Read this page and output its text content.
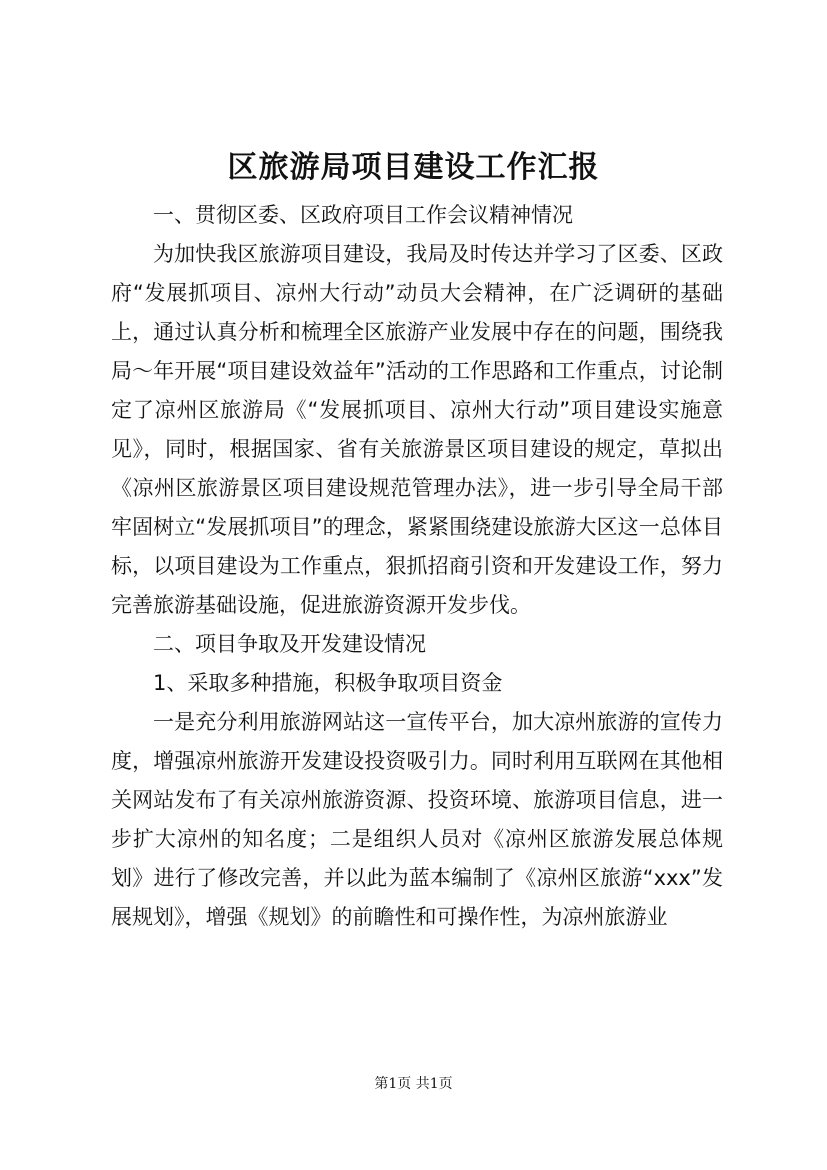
区旅游局项目建设工作汇报

一、贯彻区委、区政府项目工作会议精神情况

为加快我区旅游项目建设，我局及时传达并学习了区委、区政府“发展抓项目、凉州大行动”动员大会精神，在广泛调研的基础上，通过认真分析和梳理全区旅游产业发展中存在的问题，围绕我局～年开展“项目建设效益年”活动的工作思路和工作重点，讨论制定了凉州区旅游局《“发展抓项目、凉州大行动”项目建设实施意见》，同时，根据国家、省有关旅游景区项目建设的规定，草拟出《凉州区旅游景区项目建设规范管理办法》，进一步引导全局干部牢固树立“发展抓项目”的理念，紧紧围绕建设旅游大区这一总体目标，以项目建设为工作重点，狠抓招商引资和开发建设工作，努力完善旅游基础设施，促进旅游资源开发步伐。

二、项目争取及开发建设情况

1、采取多种措施，积极争取项目资金

一是充分利用旅游网站这一宣传平台，加大凉州旅游的宣传力度，增强凉州旅游开发建设投资吸引力。同时利用互联网在其他相关网站发布了有关凉州旅游资源、投资环境、旅游项目信息，进一步扩大凉州的知名度；二是组织人员对《凉州区旅游发展总体规划》进行了修改完善，并以此为蓝本编制了《凉州区旅游“xxx”发展规划》，增强《规划》的前瞻性和可操作性，为凉州旅游业

第1页 共1页
